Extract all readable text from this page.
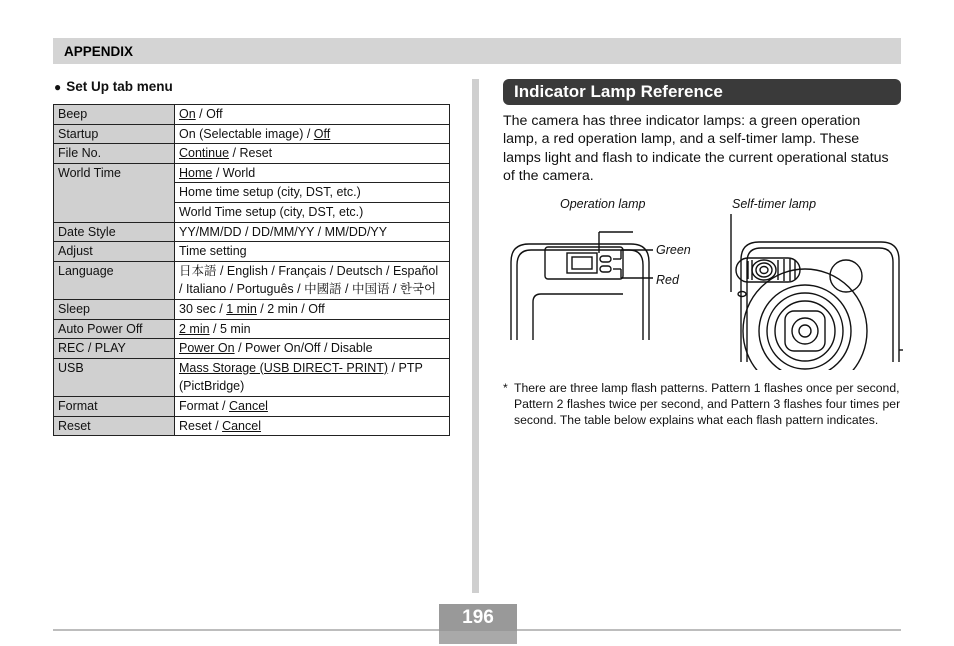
APPENDIX
● Set Up tab menu
Beep	On / Off
Startup	On (Selectable image) / Off
File No.	Continue / Reset
World Time	Home / World
	Home time setup (city, DST, etc.)
	World Time setup (city, DST, etc.)
Date Style	YY/MM/DD / DD/MM/YY / MM/DD/YY
Adjust	Time setting
Language	日本語 / English / Français / Deutsch / Español / Italiano / Português / 中國語 / 中国语 / 한국어
Sleep	30 sec / 1 min / 2 min / Off
Auto Power Off	2 min / 5 min
REC / PLAY	Power On / Power On/Off / Disable
USB	Mass Storage (USB DIRECT- PRINT) / PTP (PictBridge)
Format	Format / Cancel
Reset	Reset / Cancel
Indicator Lamp Reference

The camera has three indicator lamps: a green operation lamp, a red operation lamp, and a self-timer lamp. These lamps light and flash to indicate the current operational status of the camera.

Operation lamp	Self-timer lamp
Green
Red
* There are three lamp flash patterns. Pattern 1 flashes once per second, Pattern 2 flashes twice per second, and Pattern 3 flashes four times per second. The table below explains what each flash pattern indicates.
196
